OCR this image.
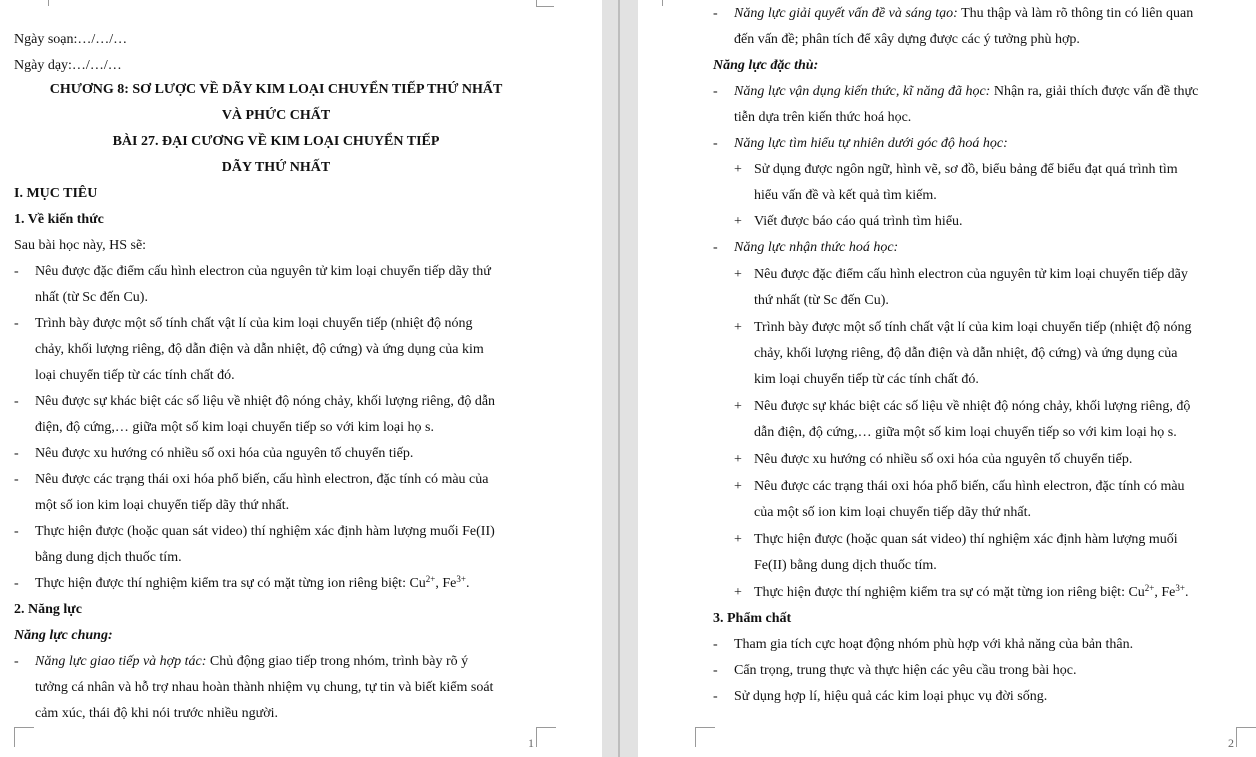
Ngày soạn:…/…/…
Ngày dạy:…/…/…
CHƯƠNG 8: SƠ LƯỢC VỀ DÃY KIM LOẠI CHUYỂN TIẾP THỨ NHẤT
VÀ PHỨC CHẤT
BÀI 27. ĐẠI CƯƠNG VỀ KIM LOẠI CHUYỂN TIẾP
DÃY THỨ NHẤT
I. MỤC TIÊU
1. Về kiến thức
Sau bài học này, HS sẽ:
- Nêu được đặc điểm cấu hình electron của nguyên tử kim loại chuyển tiếp dãy thứ
nhất (từ Sc đến Cu).
- Trình bày được một số tính chất vật lí của kim loại chuyển tiếp (nhiệt độ nóng
chảy, khối lượng riêng, độ dẫn điện và dẫn nhiệt, độ cứng) và ứng dụng của kim
loại chuyển tiếp từ các tính chất đó.
- Nêu được sự khác biệt các số liệu về nhiệt độ nóng chảy, khối lượng riêng, độ dẫn
điện, độ cứng,… giữa một số kim loại chuyển tiếp so với kim loại họ s.
- Nêu được xu hướng có nhiều số oxi hóa của nguyên tố chuyển tiếp.
- Nêu được các trạng thái oxi hóa phổ biến, cấu hình electron, đặc tính có màu của
một số ion kim loại chuyển tiếp dãy thứ nhất.
- Thực hiện được (hoặc quan sát video) thí nghiệm xác định hàm lượng muối Fe(II)
bằng dung dịch thuốc tím.
- Thực hiện được thí nghiệm kiểm tra sự có mặt từng ion riêng biệt: $Cu^{2+}$, $Fe^{3+}$.
2. Năng lực
Năng lực chung:
- Năng lực giao tiếp và hợp tác: Chủ động giao tiếp trong nhóm, trình bày rõ ý
tưởng cá nhân và hỗ trợ nhau hoàn thành nhiệm vụ chung, tự tin và biết kiểm soát
cảm xúc, thái độ khi nói trước nhiều người.
1
- Năng lực giải quyết vấn đề và sáng tạo: Thu thập và làm rõ thông tin có liên quan
đến vấn đề; phân tích để xây dựng được các ý tưởng phù hợp.
Năng lực đặc thù:
- Năng lực vận dụng kiến thức, kĩ năng đã học: Nhận ra, giải thích được vấn đề thực
tiễn dựa trên kiến thức hoá học.
- Năng lực tìm hiểu tự nhiên dưới góc độ hoá học:
+ Sử dụng được ngôn ngữ, hình vẽ, sơ đồ, biểu bảng để biểu đạt quá trình tìm
hiểu vấn đề và kết quả tìm kiếm.
+ Viết được báo cáo quá trình tìm hiểu.
- Năng lực nhận thức hoá học:
+ Nêu được đặc điểm cấu hình electron của nguyên tử kim loại chuyển tiếp dãy
thứ nhất (từ Sc đến Cu).
+ Trình bày được một số tính chất vật lí của kim loại chuyển tiếp (nhiệt độ nóng
chảy, khối lượng riêng, độ dẫn điện và dẫn nhiệt, độ cứng) và ứng dụng của
kim loại chuyển tiếp từ các tính chất đó.
+ Nêu được sự khác biệt các số liệu về nhiệt độ nóng chảy, khối lượng riêng, độ
dẫn điện, độ cứng,… giữa một số kim loại chuyển tiếp so với kim loại họ s.
+ Nêu được xu hướng có nhiều số oxi hóa của nguyên tố chuyển tiếp.
+ Nêu được các trạng thái oxi hóa phổ biến, cấu hình electron, đặc tính có màu
của một số ion kim loại chuyển tiếp dãy thứ nhất.
+ Thực hiện được (hoặc quan sát video) thí nghiệm xác định hàm lượng muối
Fe(II) bằng dung dịch thuốc tím.
+ Thực hiện được thí nghiệm kiểm tra sự có mặt từng ion riêng biệt: $Cu^{2+}$, $Fe^{3+}$.
3. Phẩm chất
- Tham gia tích cực hoạt động nhóm phù hợp với khả năng của bản thân.
- Cẩn trọng, trung thực và thực hiện các yêu cầu trong bài học.
- Sử dụng hợp lí, hiệu quả các kim loại phục vụ đời sống.
2
